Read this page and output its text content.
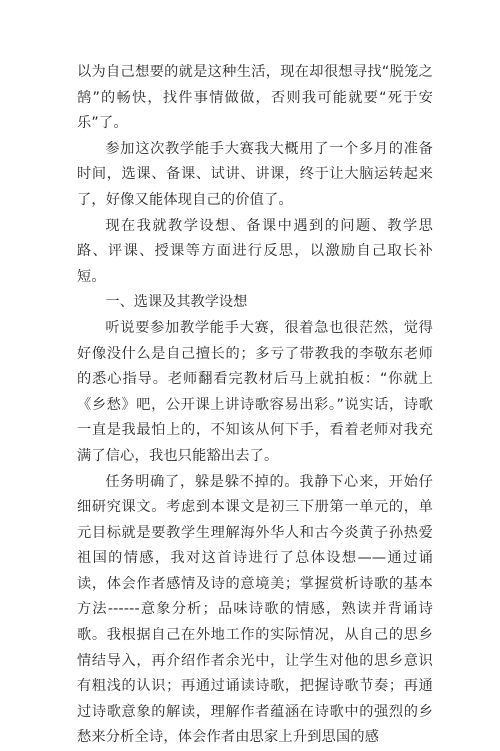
以为自己想要的就是这种生活，现在却很想寻找“脱笼之鹄”的畅快，找件事情做做，否则我可能就要“死于安乐”了。

参加这次教学能手大赛我大概用了一个多月的准备时间，选课、备课、试讲、讲课，终于让大脑运转起来了，好像又能体现自己的价值了。

现在我就教学设想、备课中遇到的问题、教学思路、评课、授课等方面进行反思，以激励自己取长补短。

一、选课及其教学设想

听说要参加教学能手大赛，很着急也很茫然，觉得好像没什么是自己擅长的；多亏了带教我的李敬东老师的悉心指导。老师翻看完教材后马上就拍板：“你就上《乡愁》吧，公开课上讲诗歌容易出彩。”说实话，诗歌一直是我最怕上的，不知该从何下手，看着老师对我充满了信心，我也只能豁出去了。

任务明确了，躲是躲不掉的。我静下心来，开始仔细研究课文。考虑到本课文是初三下册第一单元的，单元目标就是要教学生理解海外华人和古今炎黄子孙热爱祖国的情感，我对这首诗进行了总体设想——通过诵读，体会作者感情及诗的意境美；掌握赏析诗歌的基本方法------意象分析；品味诗歌的情感，熟读并背诵诗歌。我根据自己在外地工作的实际情况，从自己的思乡情结导入，再介绍作者余光中，让学生对他的思乡意识有粗浅的认识；再通过诵读诗歌，把握诗歌节奏；再通过诗歌意象的解读，理解作者蕴涵在诗歌中的强烈的乡愁来分析全诗，体会作者由思家上升到思国的感
